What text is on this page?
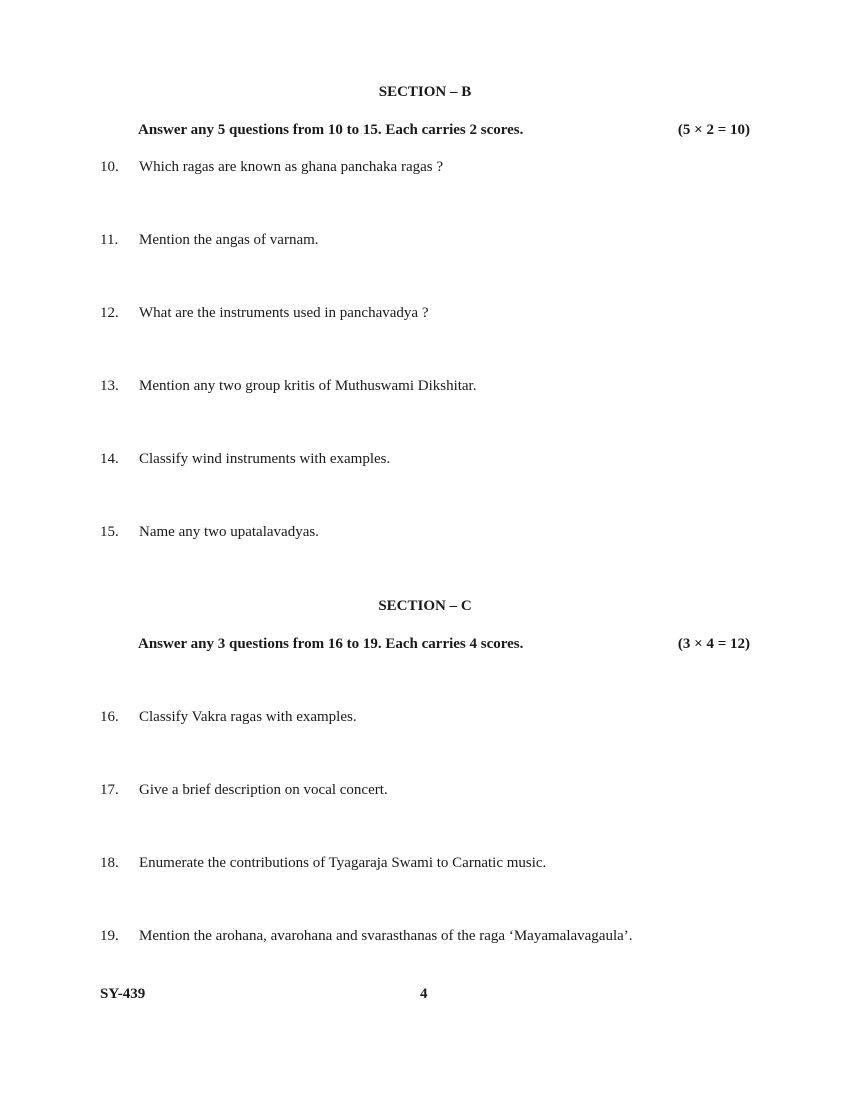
SECTION – B
Answer any 5 questions from 10 to 15. Each carries 2 scores.	(5 × 2 = 10)
10. Which ragas are known as ghana panchaka ragas ?
11. Mention the angas of varnam.
12. What are the instruments used in panchavadya ?
13. Mention any two group kritis of Muthuswami Dikshitar.
14. Classify wind instruments with examples.
15. Name any two upatalavadyas.
SECTION – C
Answer any 3 questions from 16 to 19. Each carries 4 scores.	(3 × 4 = 12)
16. Classify Vakra ragas with examples.
17. Give a brief description on vocal concert.
18. Enumerate the contributions of Tyagaraja Swami to Carnatic music.
19. Mention the arohana, avarohana and svarasthanas of the raga ‘Mayamalavagaula’.
SY-439	4
